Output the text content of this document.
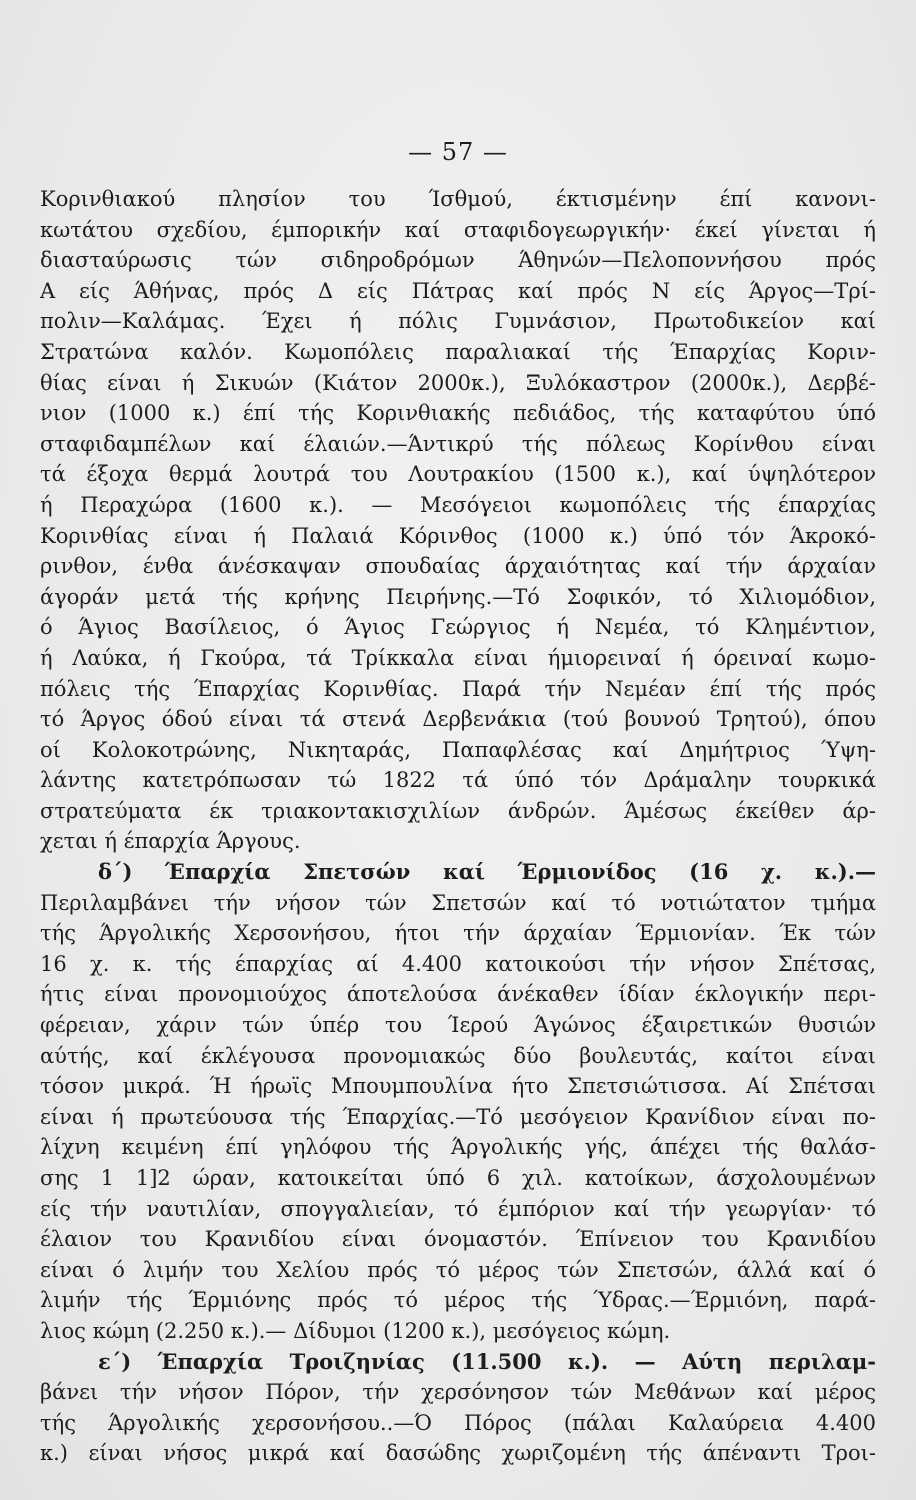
— 57 —
Κορινθιακού πλησίον του Ίσθμού, έκτισμένην έπί κανονι-
κωτάτου σχεδίου, έμπορικήν καί σταφιδογεωργικήν· έκεί γίνεται ή
διασταύρωσις τών σιδηροδρόμων Άθηνών—Πελοποννήσου πρός
Α είς Άθήνας, πρός Δ είς Πάτρας καί πρός Ν είς Άργος—Τρί-
πολιν—Καλάμας. Έχει ή πόλις Γυμνάσιον, Πρωτοδικείον καί
Στρατώνα καλόν. Κωμοπόλεις παραλιακαί τής Έπαρχίας Κοριν-
θίας είναι ή Σικυών (Κιάτον 2000κ.), Ξυλόκαστρον (2000κ.), Δερβέ-
νιον (1000 κ.) έπί τής Κορινθιακής πεδιάδος, τής καταφύτου ύπό
σταφιδαμπέλων καί έλαιών.—Άντικρύ τής πόλεως Κορίνθου είναι
τά έξοχα θερμά λουτρά του Λουτρακίου (1500 κ.), καί ύψηλότερον
ή Περαχώρα (1600 κ.). — Μεσόγειοι κωμοπόλεις τής έπαρχίας
Κορινθίας είναι ή Παλαιά Κόρινθος (1000 κ.) ύπό τόν Άκροκό-
ρινθον, ένθα άνέσκαψαν σπουδαίας άρχαιότητας καί τήν άρχαίαν
άγοράν μετά τής κρήνης Πειρήνης.—Τό Σοφικόν, τό Χιλιομόδιον,
ό Άγιος Βασίλειος, ό Άγιος Γεώργιος ή Νεμέα, τό Κλημέντιον,
ή Λαύκα, ή Γκούρα, τά Τρίκκαλα είναι ήμιορειναί ή όρειναί κωμο-
πόλεις τής Έπαρχίας Κορινθίας. Παρά τήν Νεμέαν έπί τής πρός
τό Άργος όδού είναι τά στενά Δερβενάκια (τού βουνού Τρητού), όπου
οί Κολοκοτρώνης, Νικηταράς, Παπαφλέσας καί Δημήτριος Ύψη-
λάντης κατετρόπωσαν τώ 1822 τά ύπό τόν Δράμαλην τουρκικά
στρατεύματα έκ τριακοντακισχιλίων άνδρών. Άμέσως έκείθεν άρ-
χεται ή έπαρχία Άργους.
δ΄) Έπαρχία Σπετσών καί Έρμιονίδος (16 χ. κ.).—
Περιλαμβάνει τήν νήσον τών Σπετσών καί τό νοτιώτατον τμήμα
τής Άργολικής Χερσονήσου, ήτοι τήν άρχαίαν Έρμιονίαν. Έκ τών
16 χ. κ. τής έπαρχίας αί 4.400 κατοικούσι τήν νήσον Σπέτσας,
ήτις είναι προνομιούχος άποτελούσα άνέκαθεν ίδίαν έκλογικήν περι-
φέρειαν, χάριν τών ύπέρ του Ίερού Άγώνος έξαιρετικών θυσιών
αύτής, καί έκλέγουσα προνομιακώς δύο βουλευτάς, καίτοι είναι
τόσον μικρά. Ή ήρωϊς Μπουμπουλίνα ήτο Σπετσιώτισσα. Αί Σπέτσαι
είναι ή πρωτεύουσα τής Έπαρχίας.—Τό μεσόγειον Κρανίδιον είναι πο-
λίχνη κειμένη έπί γηλόφου τής Άργολικής γής, άπέχει τής θαλάσ-
σης 1 1]2 ώραν, κατοικείται ύπό 6 χιλ. κατοίκων, άσχολουμένων
είς τήν ναυτιλίαν, σπογγαλιείαν, τό έμπόριον καί τήν γεωργίαν· τό
έλαιον του Κρανιδίου είναι όνομαστόν. Έπίνειον του Κρανιδίου
είναι ό λιμήν του Χελίου πρός τό μέρος τών Σπετσών, άλλά καί ό
λιμήν τής Έρμιόνης πρός τό μέρος τής Ύδρας.—Έρμιόνη, παρά-
λιος κώμη (2.250 κ.).— Δίδυμοι (1200 κ.), μεσόγειος κώμη.
ε΄) Έπαρχία Τροιζηνίας (11.500 κ.). — Αύτη περιλαμ-
βάνει τήν νήσον Πόρον, τήν χερσόνησον τών Μεθάνων καί μέρος
τής Άργολικής χερσονήσου..—Ό Πόρος (πάλαι Καλαύρεια 4.400
κ.) είναι νήσος μικρά καί δασώδης χωριζομένη τής άπέναντι Τροι-
